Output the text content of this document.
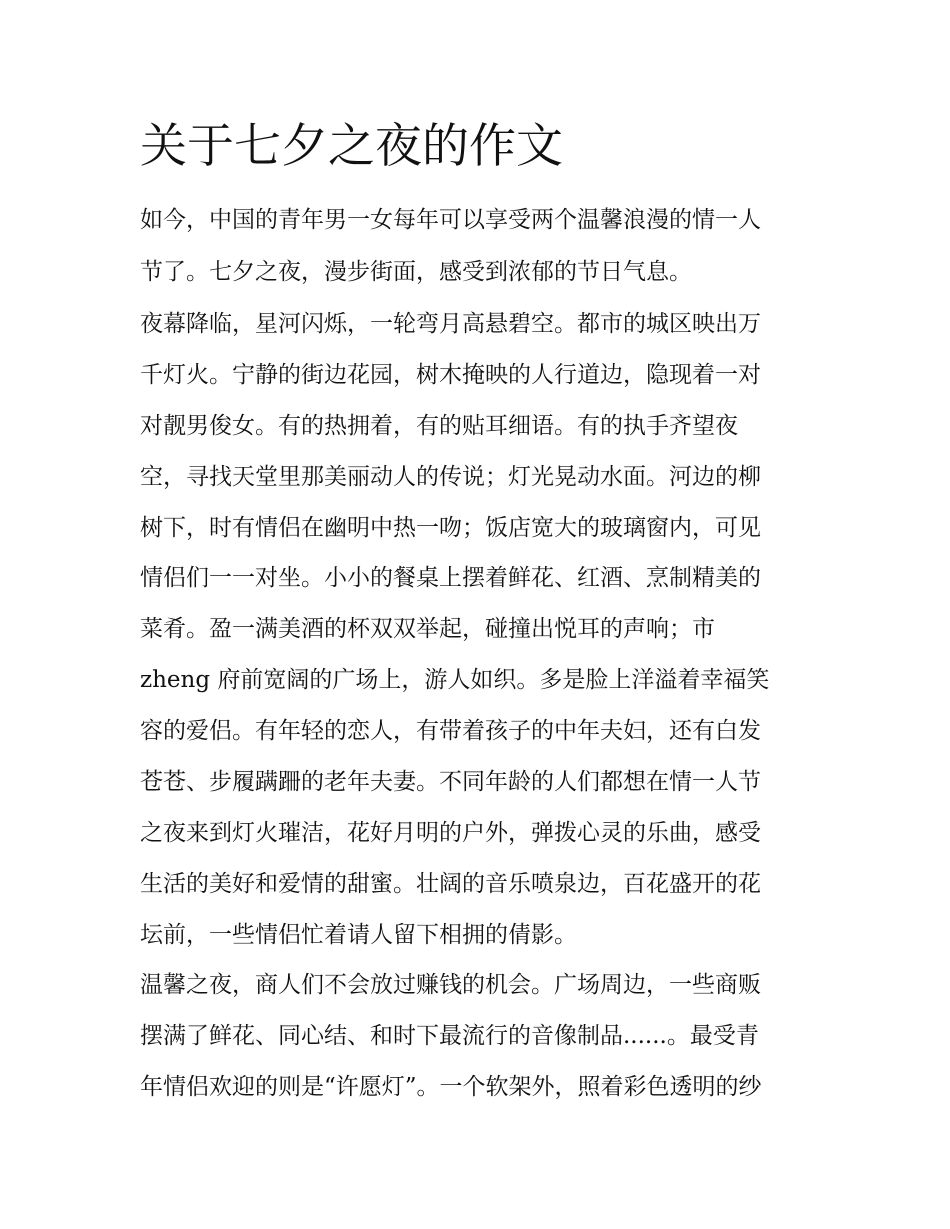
关于七夕之夜的作文

如今，中国的青年男一女每年可以享受两个温馨浪漫的情一人

节了。七夕之夜，漫步街面，感受到浓郁的节日气息。

夜幕降临，星河闪烁，一轮弯月高悬碧空。都市的城区映出万

千灯火。宁静的街边花园，树木掩映的人行道边，隐现着一对

对靓男俊女。有的热拥着，有的贴耳细语。有的执手齐望夜

空，寻找天堂里那美丽动人的传说；灯光晃动水面。河边的柳

树下，时有情侣在幽明中热一吻；饭店宽大的玻璃窗内，可见

情侣们一一对坐。小小的餐桌上摆着鲜花、红酒、烹制精美的

菜肴。盈一满美酒的杯双双举起，碰撞出悦耳的声响；市

zheng 府前宽阔的广场上，游人如织。多是脸上洋溢着幸福笑

容的爱侣。有年轻的恋人，有带着孩子的中年夫妇，还有白发

苍苍、步履蹒跚的老年夫妻。不同年龄的人们都想在情一人节

之夜来到灯火璀洁，花好月明的户外，弹拨心灵的乐曲，感受

生活的美好和爱情的甜蜜。壮阔的音乐喷泉边，百花盛开的花

坛前，一些情侣忙着请人留下相拥的倩影。

温馨之夜，商人们不会放过赚钱的机会。广场周边，一些商贩

摆满了鲜花、同心结、和时下最流行的音像制品......。最受青

年情侣欢迎的则是“许愿灯”。一个软架外，照着彩色透明的纱
